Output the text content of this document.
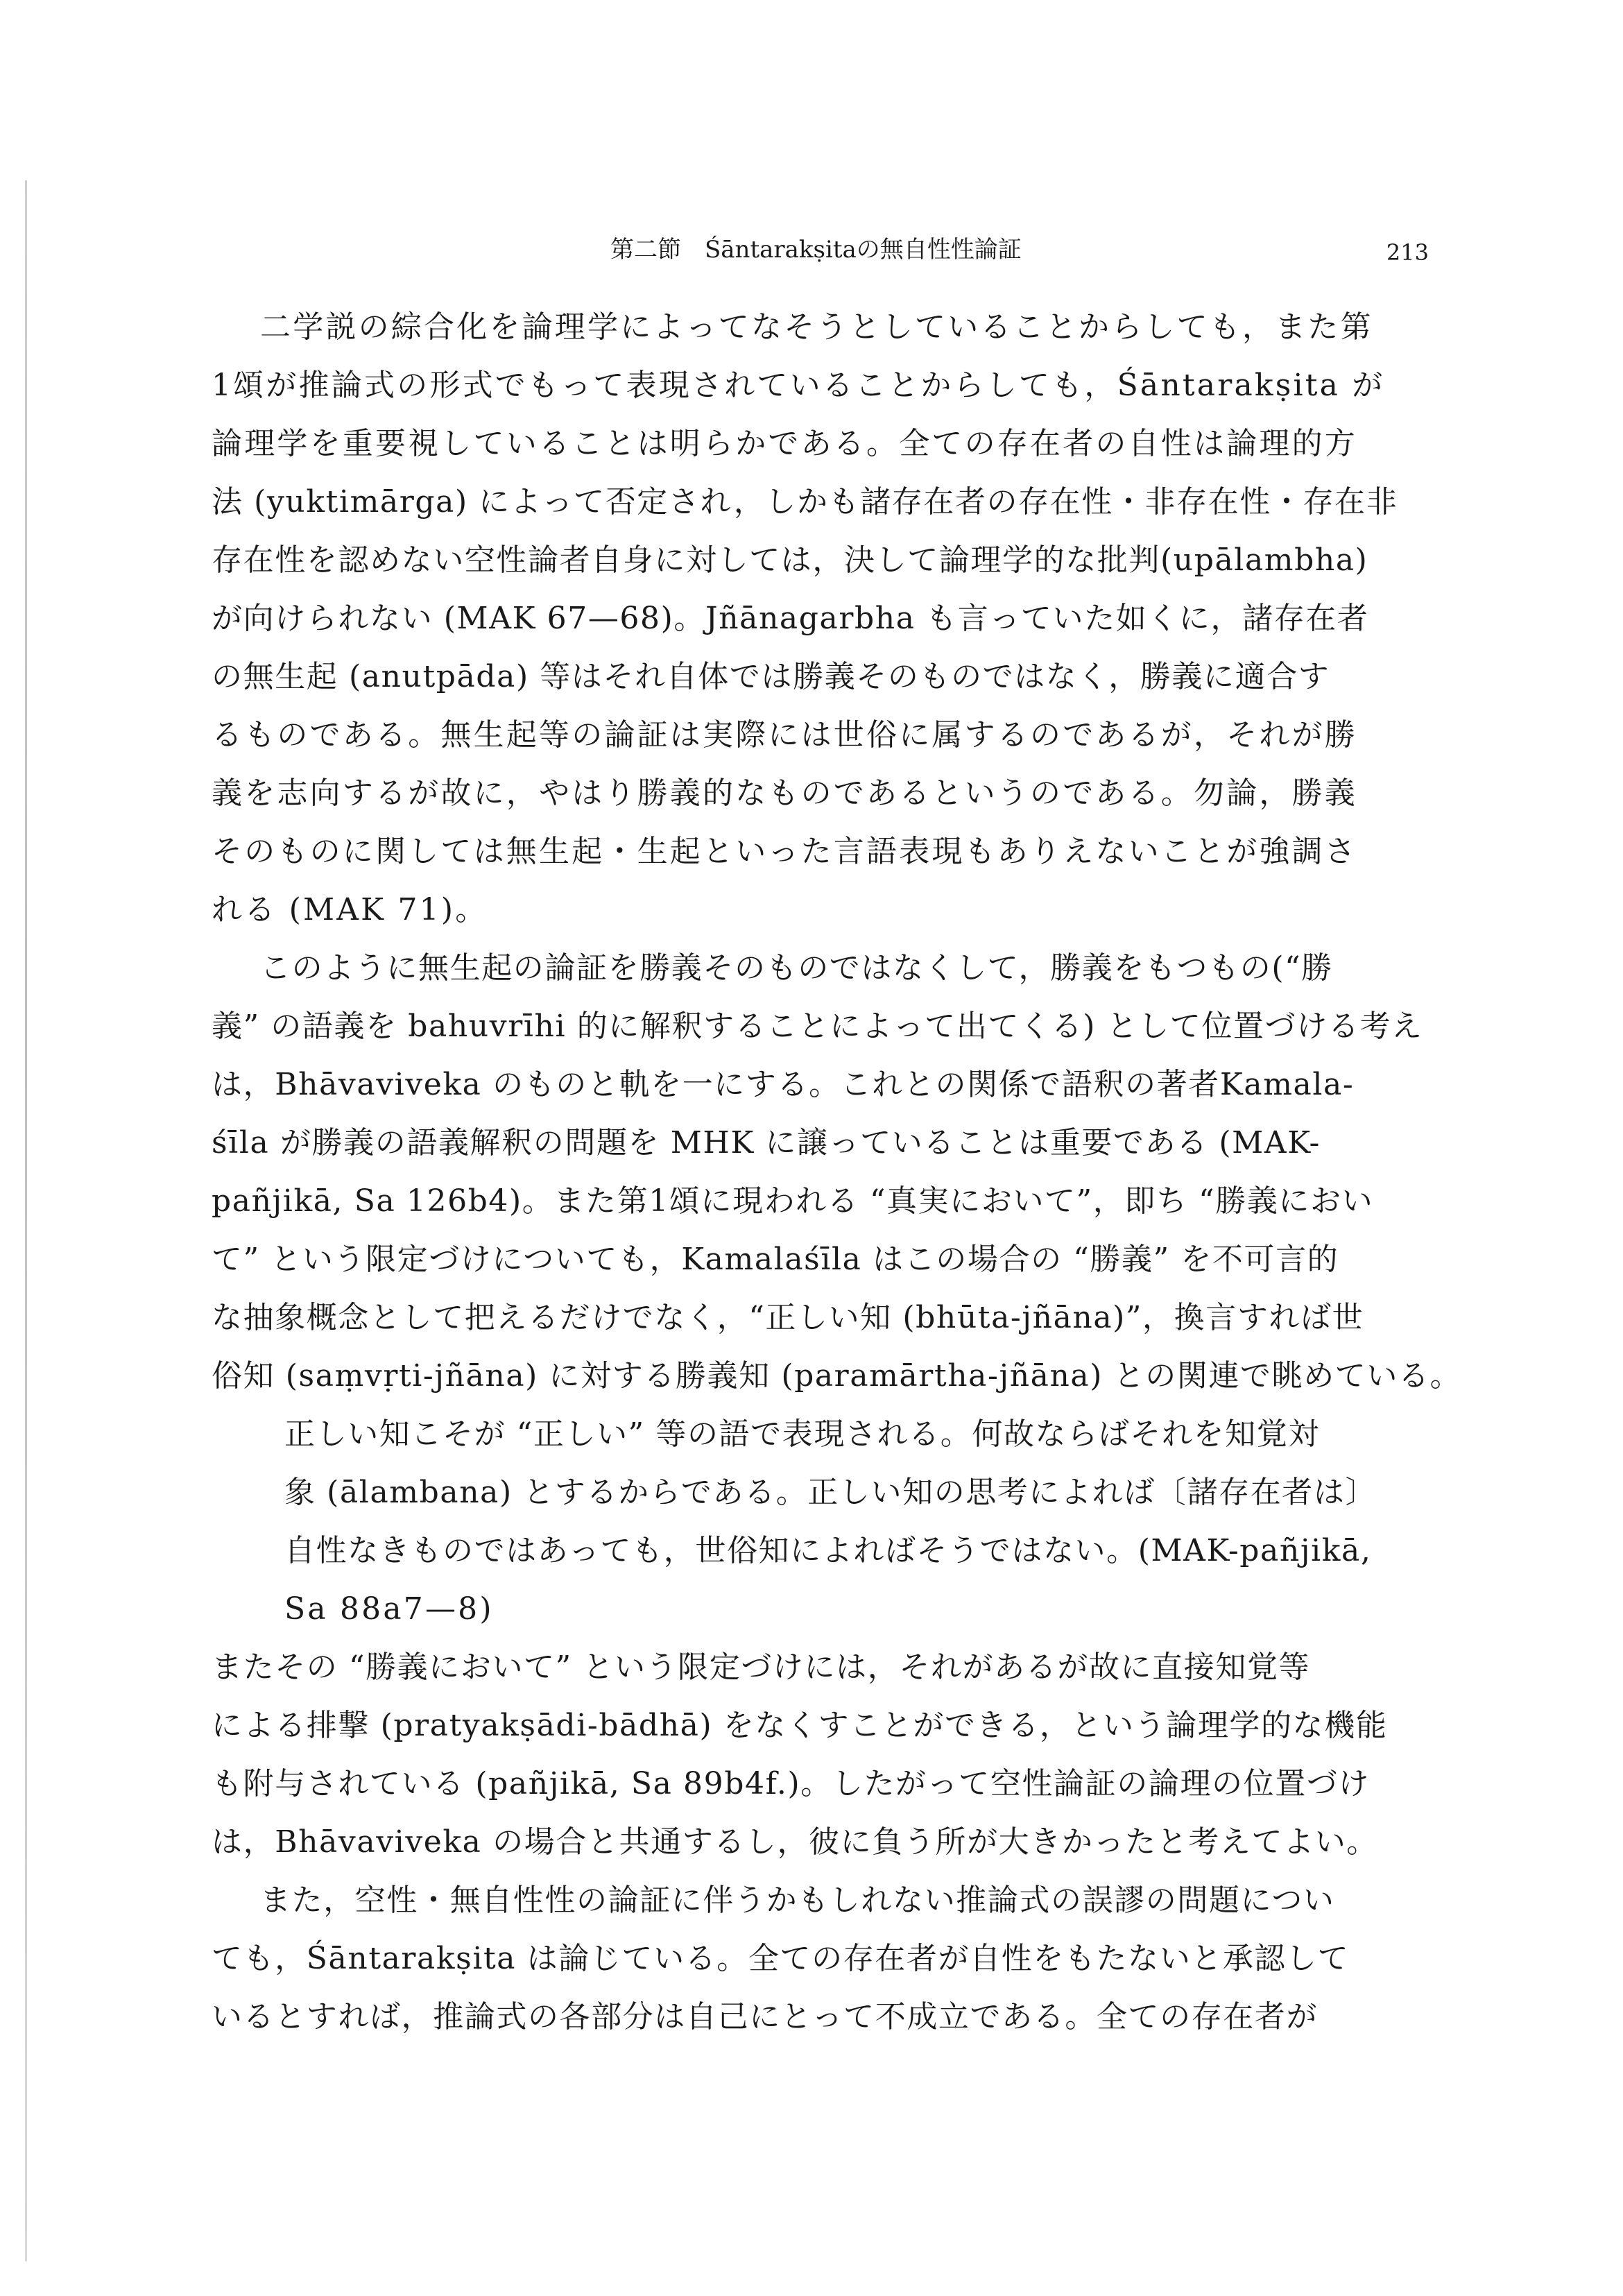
第二節　Śāntarakṣitaの無自性性論証	213
二学説の綜合化を論理学によってなそうとしていることからしても，また第
1頌が推論式の形式でもって表現されていることからしても，Śāntarakṣita が
論理学を重要視していることは明らかである。全ての存在者の自性は論理的方
法 (yuktimārga) によって否定され，しかも諸存在者の存在性・非存在性・存在非
存在性を認めない空性論者自身に対しては，決して論理学的な批判(upālambha)
が向けられない (MAK 67—68)。Jñānagarbha も言っていた如くに，諸存在者
の無生起 (anutpāda) 等はそれ自体では勝義そのものではなく，勝義に適合す
るものである。無生起等の論証は実際には世俗に属するのであるが，それが勝
義を志向するが故に，やはり勝義的なものであるというのである。勿論，勝義
そのものに関しては無生起・生起といった言語表現もありえないことが強調さ
れる (MAK 71)。
このように無生起の論証を勝義そのものではなくして，勝義をもつもの(“勝
義” の語義を bahuvrīhi 的に解釈することによって出てくる) として位置づける考え
は，Bhāvaviveka のものと軌を一にする。これとの関係で語釈の著者Kamala-
śīla が勝義の語義解釈の問題を MHK に譲っていることは重要である (MAK-
pañjikā, Sa 126b4)。また第1頌に現われる “真実において”，即ち “勝義におい
て” という限定づけについても，Kamalaśīla はこの場合の “勝義” を不可言的
な抽象概念として把えるだけでなく，“正しい知 (bhūta-jñāna)”，換言すれば世
俗知 (saṃvṛti-jñāna) に対する勝義知 (paramārtha-jñāna) との関連で眺めている。
正しい知こそが “正しい” 等の語で表現される。何故ならばそれを知覚対
象 (ālambana) とするからである。正しい知の思考によれば〔諸存在者は〕
自性なきものではあっても，世俗知によればそうではない。(MAK-pañjikā,
Sa 88a7—8)
またその “勝義において” という限定づけには，それがあるが故に直接知覚等
による排撃 (pratyakṣādi-bādhā) をなくすことができる，という論理学的な機能
も附与されている (pañjikā, Sa 89b4f.)。したがって空性論証の論理の位置づけ
は，Bhāvaviveka の場合と共通するし，彼に負う所が大きかったと考えてよい。
また，空性・無自性性の論証に伴うかもしれない推論式の誤謬の問題につい
ても，Śāntarakṣita は論じている。全ての存在者が自性をもたないと承認して
いるとすれば，推論式の各部分は自己にとって不成立である。全ての存在者が
